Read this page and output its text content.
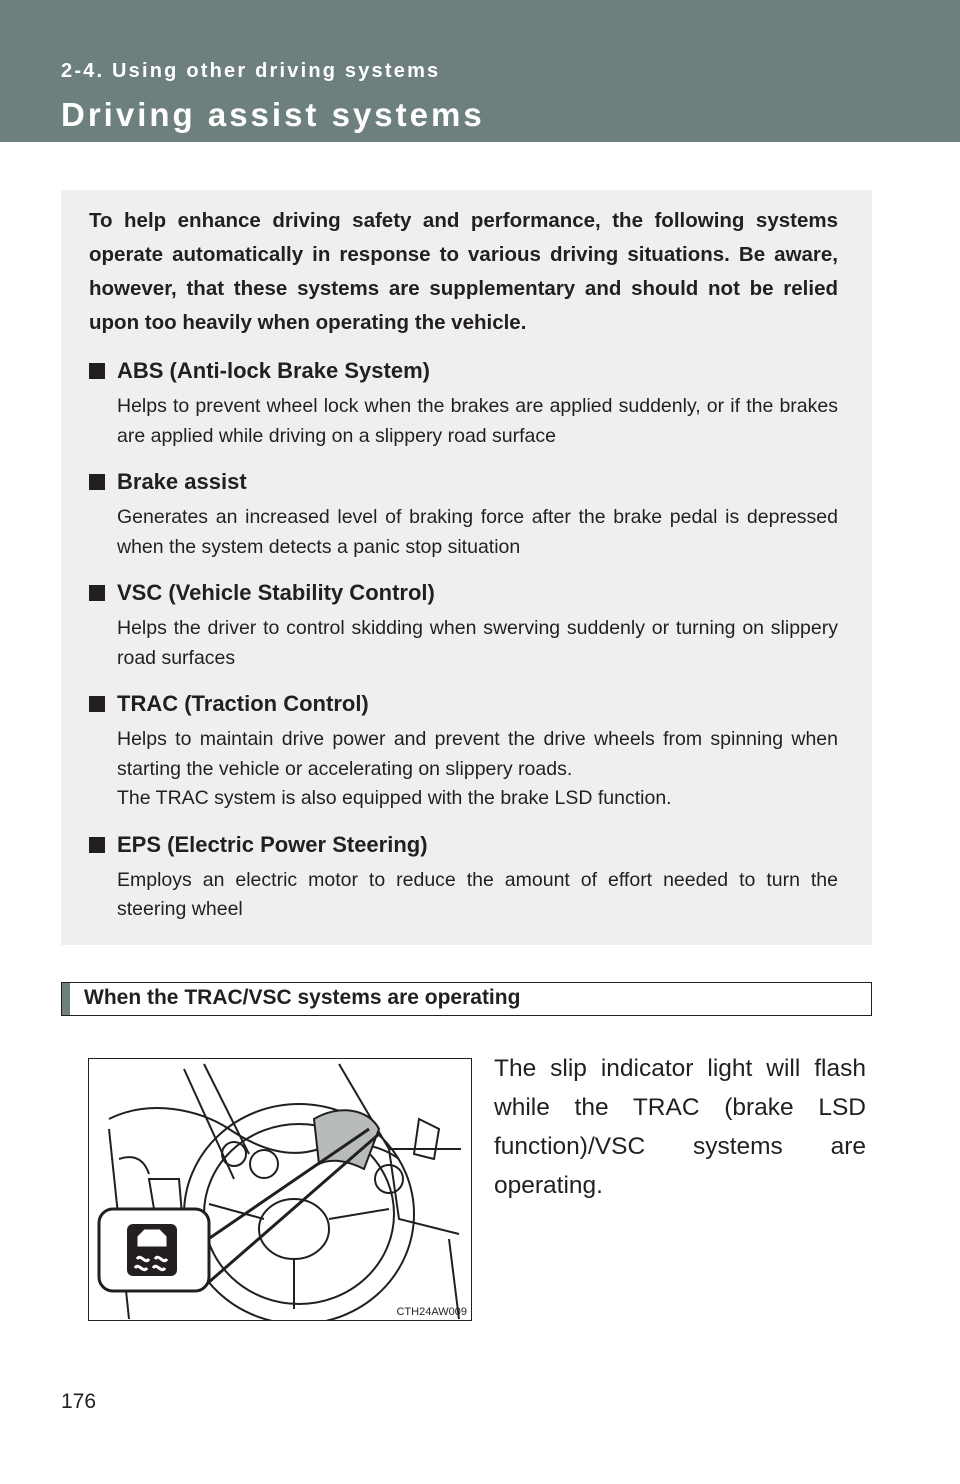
2-4. Using other driving systems
Driving assist systems

To help enhance driving safety and performance, the following systems operate automatically in response to various driving situations. Be aware, however, that these systems are supplementary and should not be relied upon too heavily when operating the vehicle.

ABS (Anti-lock Brake System)
Helps to prevent wheel lock when the brakes are applied suddenly, or if the brakes are applied while driving on a slippery road surface
Brake assist
Generates an increased level of braking force after the brake pedal is depressed when the system detects a panic stop situation
VSC (Vehicle Stability Control)
Helps the driver to control skidding when swerving suddenly or turning on slippery road surfaces
TRAC (Traction Control)
Helps to maintain drive power and prevent the drive wheels from spinning when starting the vehicle or accelerating on slippery roads.
The TRAC system is also equipped with the brake LSD function.
EPS (Electric Power Steering)
Employs an electric motor to reduce the amount of effort needed to turn the steering wheel
When the TRAC/VSC systems are operating
CTH24AW009
The slip indicator light will flash while the TRAC (brake LSD function)/VSC systems are operating.
176
